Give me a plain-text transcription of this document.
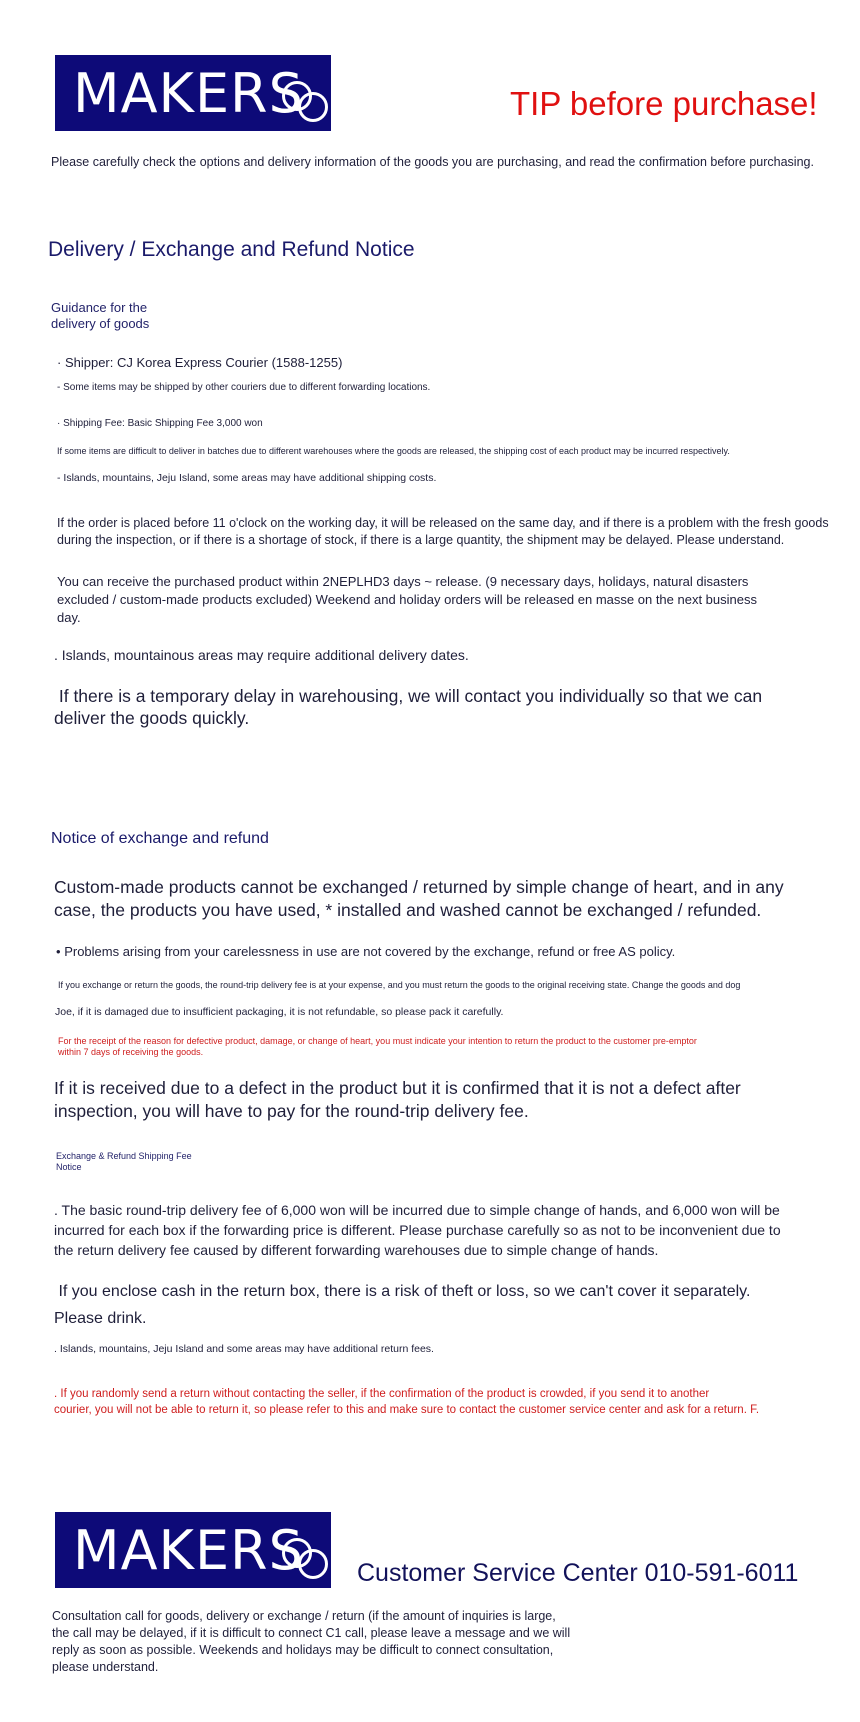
MAKERS	TIP before purchase!
Please carefully check the options and delivery information of the goods you are purchasing, and read the confirmation before purchasing.
Delivery / Exchange and Refund Notice
Guidance for the
delivery of goods
· Shipper: CJ Korea Express Courier (1588-1255)
- Some items may be shipped by other couriers due to different forwarding locations.
· Shipping Fee: Basic Shipping Fee 3,000 won
If some items are difficult to deliver in batches due to different warehouses where the goods are released, the shipping cost of each product may be incurred respectively.
- Islands, mountains, Jeju Island, some areas may have additional shipping costs.
If the order is placed before 11 o'clock on the working day, it will be released on the same day, and if there is a problem with the fresh goods
during the inspection, or if there is a shortage of stock, if there is a large quantity, the shipment may be delayed. Please understand.
You can receive the purchased product within 2NEPLHD3 days ~ release. (9 necessary days, holidays, natural disasters
excluded / custom-made products excluded) Weekend and holiday orders will be released en masse on the next business
day.
. Islands, mountainous areas may require additional delivery dates.
If there is a temporary delay in warehousing, we will contact you individually so that we can
deliver the goods quickly.
Notice of exchange and refund
Custom-made products cannot be exchanged / returned by simple change of heart, and in any
case, the products you have used, * installed and washed cannot be exchanged / refunded.
• Problems arising from your carelessness in use are not covered by the exchange, refund or free AS policy.
If you exchange or return the goods, the round-trip delivery fee is at your expense, and you must return the goods to the original receiving state. Change the goods and dog
Joe, if it is damaged due to insufficient packaging, it is not refundable, so please pack it carefully.
For the receipt of the reason for defective product, damage, or change of heart, you must indicate your intention to return the product to the customer pre-emptor
within 7 days of receiving the goods.
If it is received due to a defect in the product but it is confirmed that it is not a defect after
inspection, you will have to pay for the round-trip delivery fee.
Exchange & Refund Shipping Fee
Notice
. The basic round-trip delivery fee of 6,000 won will be incurred due to simple change of hands, and 6,000 won will be
incurred for each box if the forwarding price is different. Please purchase carefully so as not to be inconvenient due to
the return delivery fee caused by different forwarding warehouses due to simple change of hands.
If you enclose cash in the return box, there is a risk of theft or loss, so we can't cover it separately.
Please drink.
. Islands, mountains, Jeju Island and some areas may have additional return fees.
. If you randomly send a return without contacting the seller, if the confirmation of the product is crowded, if you send it to another
courier, you will not be able to return it, so please refer to this and make sure to contact the customer service center and ask for a return. F.
MAKERS Customer Service Center 010-591-6011
Consultation call for goods, delivery or exchange / return (if the amount of inquiries is large,
the call may be delayed, if it is difficult to connect C1 call, please leave a message and we will
reply as soon as possible. Weekends and holidays may be difficult to connect consultation,
please understand.
